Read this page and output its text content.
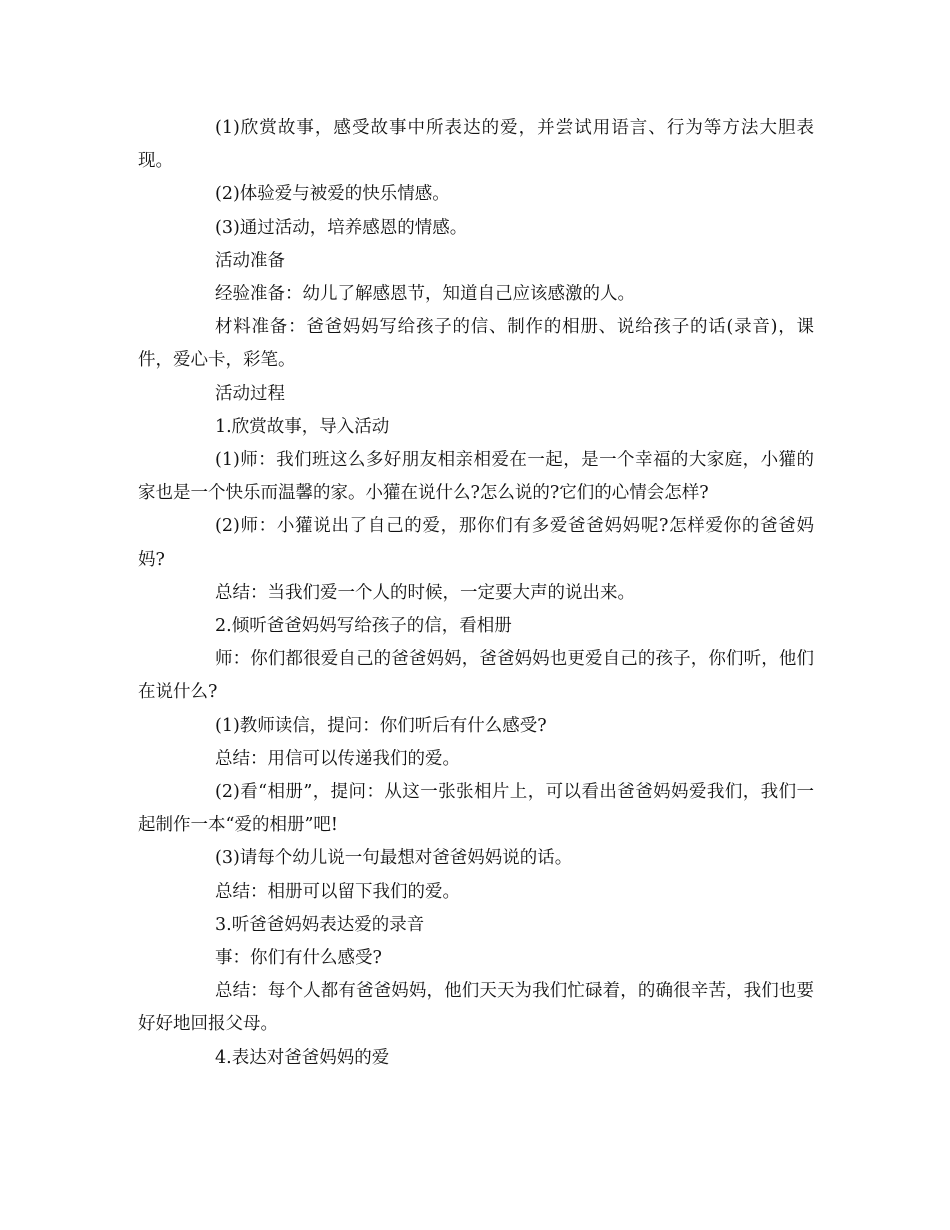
(1)欣赏故事，感受故事中所表达的爱，并尝试用语言、行为等方法大胆表现。

(2)体验爱与被爱的快乐情感。

(3)通过活动，培养感恩的情感。

活动准备

经验准备：幼儿了解感恩节，知道自己应该感激的人。

材料准备：爸爸妈妈写给孩子的信、制作的相册、说给孩子的话(录音)，课件，爱心卡，彩笔。

活动过程

1.欣赏故事，导入活动

(1)师：我们班这么多好朋友相亲相爱在一起，是一个幸福的大家庭，小獾的家也是一个快乐而温馨的家。小獾在说什么?怎么说的?它们的心情会怎样?

(2)师：小獾说出了自己的爱，那你们有多爱爸爸妈妈呢?怎样爱你的爸爸妈妈?

总结：当我们爱一个人的时候，一定要大声的说出来。

2.倾听爸爸妈妈写给孩子的信，看相册

师：你们都很爱自己的爸爸妈妈，爸爸妈妈也更爱自己的孩子，你们听，他们在说什么?

(1)教师读信，提问：你们听后有什么感受?

总结：用信可以传递我们的爱。

(2)看“相册”，提问：从这一张张相片上，可以看出爸爸妈妈爱我们，我们一起制作一本“爱的相册”吧!

(3)请每个幼儿说一句最想对爸爸妈妈说的话。

总结：相册可以留下我们的爱。

3.听爸爸妈妈表达爱的录音

事：你们有什么感受?

总结：每个人都有爸爸妈妈，他们天天为我们忙碌着，的确很辛苦，我们也要好好地回报父母。

4.表达对爸爸妈妈的爱
